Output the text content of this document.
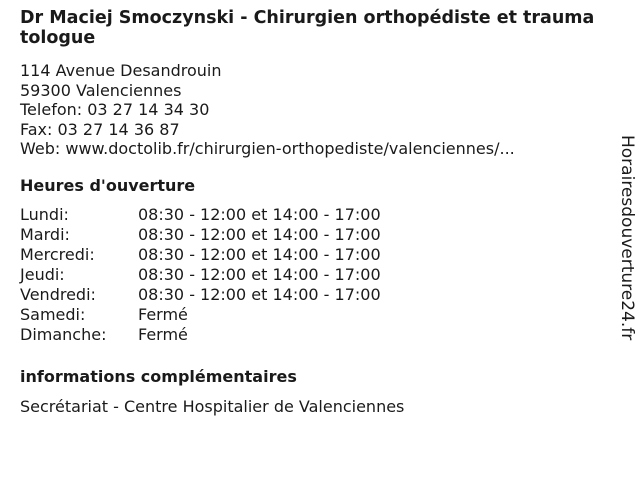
Dr Maciej Smoczynski - Chirurgien orthopédiste et traumatologue
114 Avenue Desandrouin
59300 Valenciennes
Telefon: 03 27 14 34 30
Fax: 03 27 14 36 87
Web: www.doctolib.fr/chirurgien-orthopediste/valenciennes/...
Heures d'ouverture
Lundi:	08:30 - 12:00 et 14:00 - 17:00
Mardi:	08:30 - 12:00 et 14:00 - 17:00
Mercredi:	08:30 - 12:00 et 14:00 - 17:00
Jeudi:	08:30 - 12:00 et 14:00 - 17:00
Vendredi:	08:30 - 12:00 et 14:00 - 17:00
Samedi:	Fermé
Dimanche:	Fermé
informations complémentaires
Secrétariat - Centre Hospitalier de Valenciennes
Horairesdouverture24.fr
